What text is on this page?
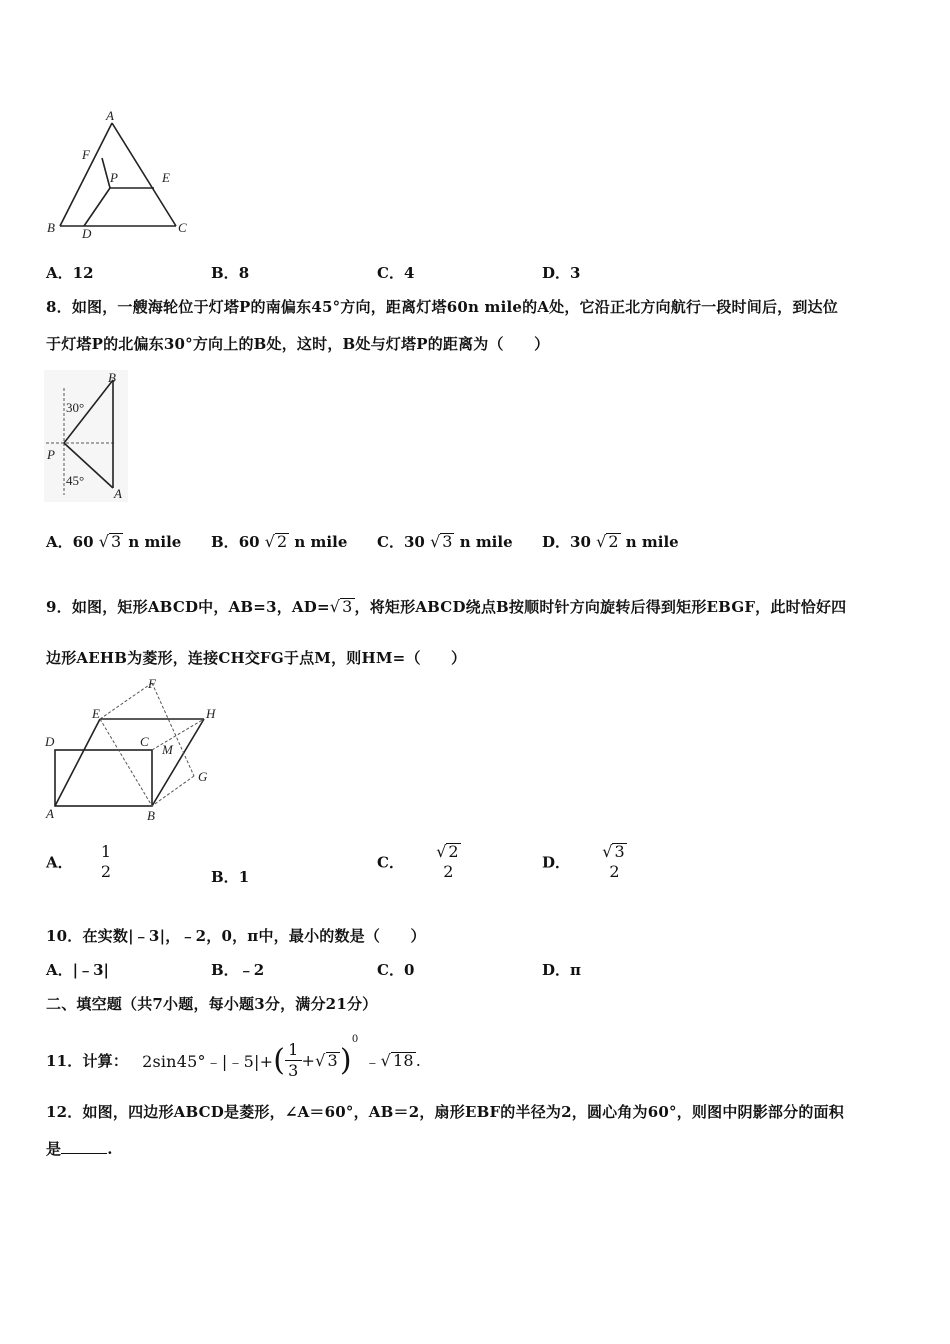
A
F
P	E
B D	C
A．12	B．8	C．4	D．3
8．如图，一艘海轮位于灯塔P的南偏东45°方向，距离灯塔60n mile的A处，它沿正北方向航行一段时间后，到达位
于灯塔P的北偏东30°方向上的B处，这时，B处与灯塔P的距离为（　　）
B
30°
P
45°
A
A．60 √ 3 n mile B．60 √ 2 n mile C．30 √ 3 n mile D．30 √ 2 n mile
9．如图，矩形ABCD中，AB=3，AD=√ 3 ，将矩形ABCD绕点B按顺时针方向旋转后得到矩形EBGF，此时恰好四
边形AEHB为菱形，连接CH交FG于点M，则HM=（　　）
F
E	H
D	C
M
G
A	B
A．
1
2	B．1
C．
√ 2
2	D．
√ 3
2
10．在实数|﹣3|，﹣2，0，π中，最小的数是（　　）
A．|﹣3|	B．﹣2	C．0	D．π
二、填空题（共7小题，每小题3分，满分21分）
11．计算： 2sin45°﹣|﹣5|+ ( $\frac{1}{3}$ + √ 3 )
0
﹣ √ 18 .
12．如图，四边形ABCD是菱形，∠A＝60°，AB＝2，扇形EBF的半径为2，圆心角为60°，则图中阴影部分的面积
是	.
